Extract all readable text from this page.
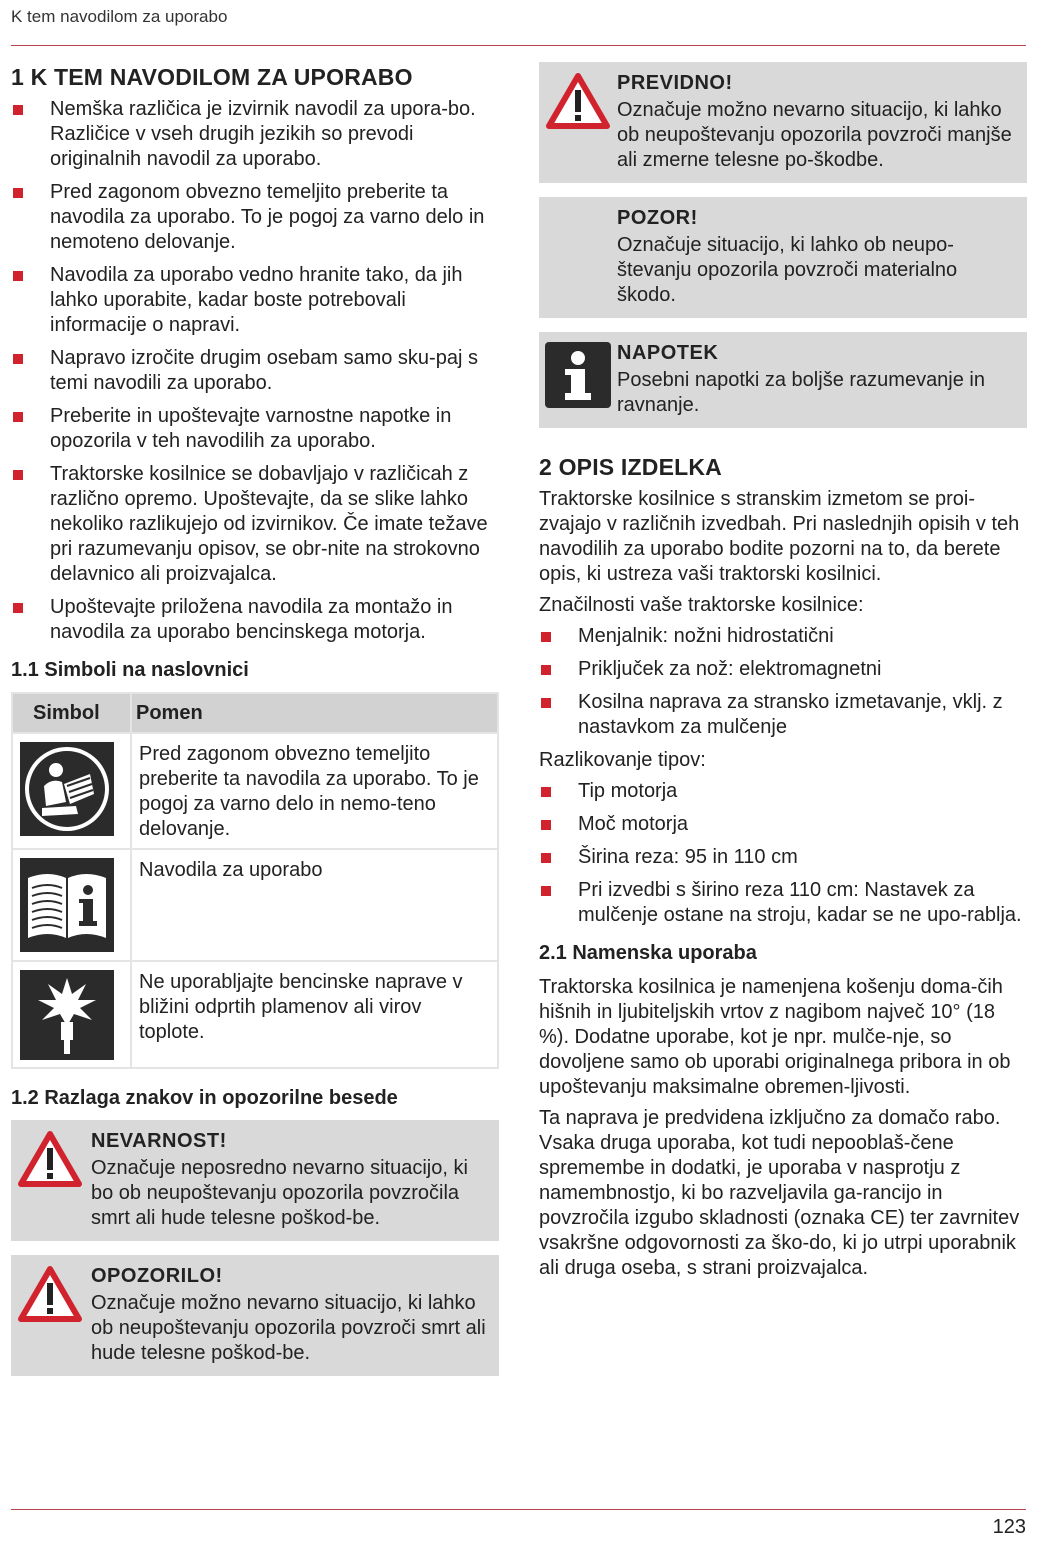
K tem navodilom za uporabo
1 K TEM NAVODILOM ZA UPORABO
Nemška različica je izvirnik navodil za upora-bo. Različice v vseh drugih jezikih so prevodi originalnih navodil za uporabo.
Pred zagonom obvezno temeljito preberite ta navodila za uporabo. To je pogoj za varno delo in nemoteno delovanje.
Navodila za uporabo vedno hranite tako, da jih lahko uporabite, kadar boste potrebovali informacije o napravi.
Napravo izročite drugim osebam samo sku-paj s temi navodili za uporabo.
Preberite in upoštevajte varnostne napotke in opozorila v teh navodilih za uporabo.
Traktorske kosilnice se dobavljajo v različicah z različno opremo. Upoštevajte, da se slike lahko nekoliko razlikujejo od izvirnikov. Če imate težave pri razumevanju opisov, se obr-nite na strokovno delavnico ali proizvajalca.
Upoštevajte priložena navodila za montažo in navodila za uporabo bencinskega motorja.
1.1 Simboli na naslovnici
Simbol	Pomen
	Pred zagonom obvezno temeljito preberite ta navodila za uporabo. To je pogoj za varno delo in nemo-teno delovanje.
	Navodila za uporabo
	Ne uporabljajte bencinske naprave v bližini odprtih plamenov ali virov toplote.
1.2 Razlaga znakov in opozorilne besede
NEVARNOST!
Označuje neposredno nevarno situacijo, ki bo ob neupoštevanju opozorila povzročila smrt ali hude telesne poškod-be.
OPOZORILO!
Označuje možno nevarno situacijo, ki lahko ob neupoštevanju opozorila povzroči smrt ali hude telesne poškod-be.
PREVIDNO!
Označuje možno nevarno situacijo, ki lahko ob neupoštevanju opozorila povzroči manjše ali zmerne telesne po-škodbe.
POZOR!
Označuje situacijo, ki lahko ob neupo-števanju opozorila povzroči materialno škodo.
NAPOTEK
Posebni napotki za boljše razumevanje in ravnanje.
2 OPIS IZDELKA

Traktorske kosilnice s stranskim izmetom se proi-zvajajo v različnih izvedbah. Pri naslednjih opisih v teh navodilih za uporabo bodite pozorni na to, da berete opis, ki ustreza vaši traktorski kosilnici.

Značilnosti vaše traktorske kosilnice:

Menjalnik: nožni hidrostatični
Priključek za nož: elektromagnetni
Kosilna naprava za stransko izmetavanje, vklj. z nastavkom za mulčenje

Razlikovanje tipov:

Tip motorja
Moč motorja
Širina reza: 95 in 110 cm
Pri izvedbi s širino reza 110 cm: Nastavek za mulčenje ostane na stroju, kadar se ne upo-rablja.
2.1 Namenska uporaba

Traktorska kosilnica je namenjena košenju doma-čih hišnih in ljubiteljskih vrtov z nagibom največ 10° (18 %). Dodatne uporabe, kot je npr. mulče-nje, so dovoljene samo ob uporabi originalnega pribora in ob upoštevanju maksimalne obremen-ljivosti.

Ta naprava je predvidena izključno za domačo rabo. Vsaka druga uporaba, kot tudi nepooblaš-čene spremembe in dodatki, je uporaba v nasprotju z namembnostjo, ki bo razveljavila ga-rancijo in povzročila izgubo skladnosti (oznaka CE) ter zavrnitev vsakršne odgovornosti za ško-do, ki jo utrpi uporabnik ali druga oseba, s strani proizvajalca.

123
